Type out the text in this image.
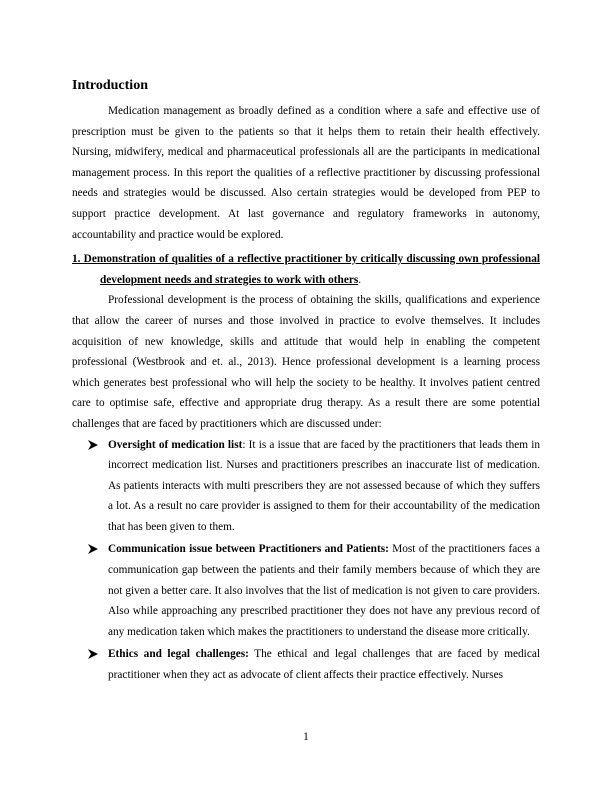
Introduction

Medication management as broadly defined as a condition where a safe and effective use of prescription must be given to the patients so that it helps them to retain their health effectively. Nursing, midwifery, medical and pharmaceutical professionals all are the participants in medicational management process. In this report the qualities of a reflective practitioner by discussing professional needs and strategies would be discussed. Also certain strategies would be developed from PEP to support practice development. At last governance and regulatory frameworks in autonomy, accountability and practice would be explored.

1. Demonstration of qualities of a reflective practitioner by critically discussing own professional development needs and strategies to work with others.

Professional development is the process of obtaining the skills, qualifications and experience that allow the career of nurses and those involved in practice to evolve themselves. It includes acquisition of new knowledge, skills and attitude that would help in enabling the competent professional (Westbrook and et. al., 2013). Hence professional development is a learning process which generates best professional who will help the society to be healthy. It involves patient centred care to optimise safe, effective and appropriate drug therapy. As a result there are some potential challenges that are faced by practitioners which are discussed under:

Oversight of medication list: It is a issue that are faced by the practitioners that leads them in incorrect medication list. Nurses and practitioners prescribes an inaccurate list of medication. As patients interacts with multi prescribers they are not assessed because of which they suffers a lot. As a result no care provider is assigned to them for their accountability of the medication that has been given to them.
Communication issue between Practitioners and Patients: Most of the practitioners faces a communication gap between the patients and their family members because of which they are not given a better care. It also involves that the list of medication is not given to care providers. Also while approaching any prescribed practitioner they does not have any previous record of any medication taken which makes the practitioners to understand the disease more critically.
Ethics and legal challenges: The ethical and legal challenges that are faced by medical practitioner when they act as advocate of client affects their practice effectively. Nurses
1
